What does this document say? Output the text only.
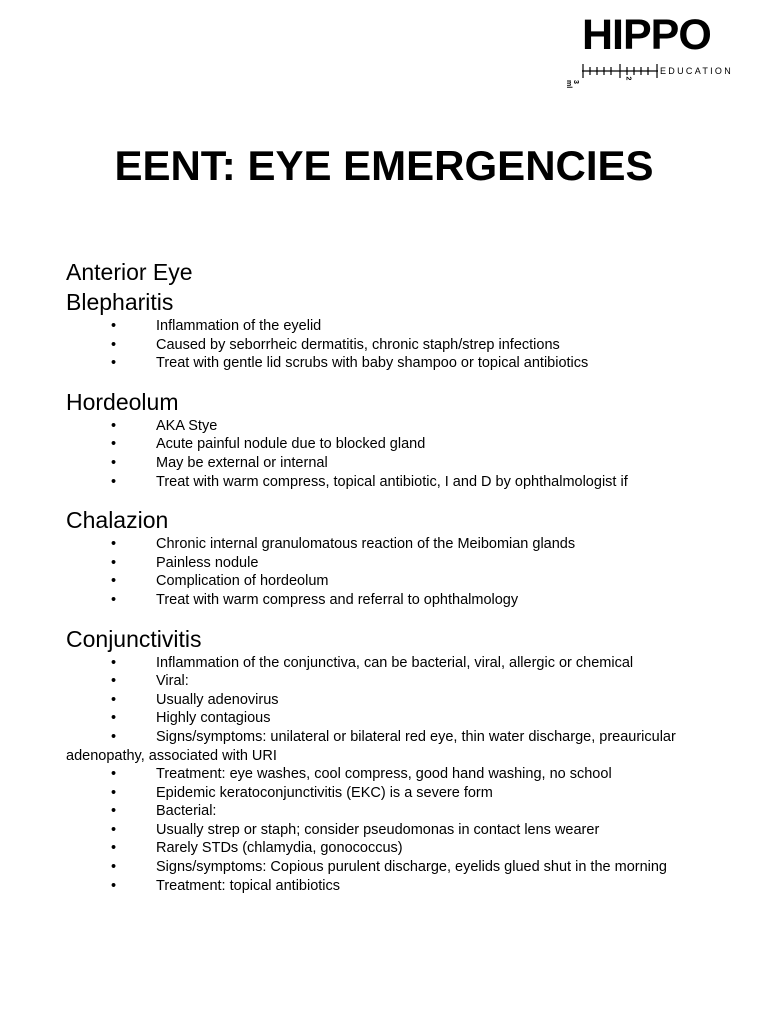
HIPPO
EDUCATION
3 ml
2
EENT: EYE EMERGENCIES
Anterior Eye
Blepharitis
•	Inflammation of the eyelid
•	Caused by seborrheic dermatitis, chronic staph/strep infections
•	Treat with gentle lid scrubs with baby shampoo or topical antibiotics
Hordeolum
•	AKA Stye
•	Acute painful nodule due to blocked gland
•	May be external or internal
•	Treat with warm compress, topical antibiotic, I and D by ophthalmologist if
Chalazion
•	Chronic internal granulomatous reaction of the Meibomian glands
•	Painless nodule
•	Complication of hordeolum
•	Treat with warm compress and referral to ophthalmology
Conjunctivitis
•	Inflammation of the conjunctiva, can be bacterial, viral, allergic or chemical
•	Viral:
•	Usually adenovirus
•	Highly contagious
•	Signs/symptoms: unilateral or bilateral red eye, thin water discharge, preauricular adenopathy, associated with URI
•	Treatment: eye washes, cool compress, good hand washing, no school
•	Epidemic keratoconjunctivitis (EKC) is a severe form
•	Bacterial:
•	Usually strep or staph; consider pseudomonas in contact lens wearer
•	Rarely STDs (chlamydia, gonococcus)
•	Signs/symptoms: Copious purulent discharge, eyelids glued shut in the morning
•	Treatment: topical antibiotics
